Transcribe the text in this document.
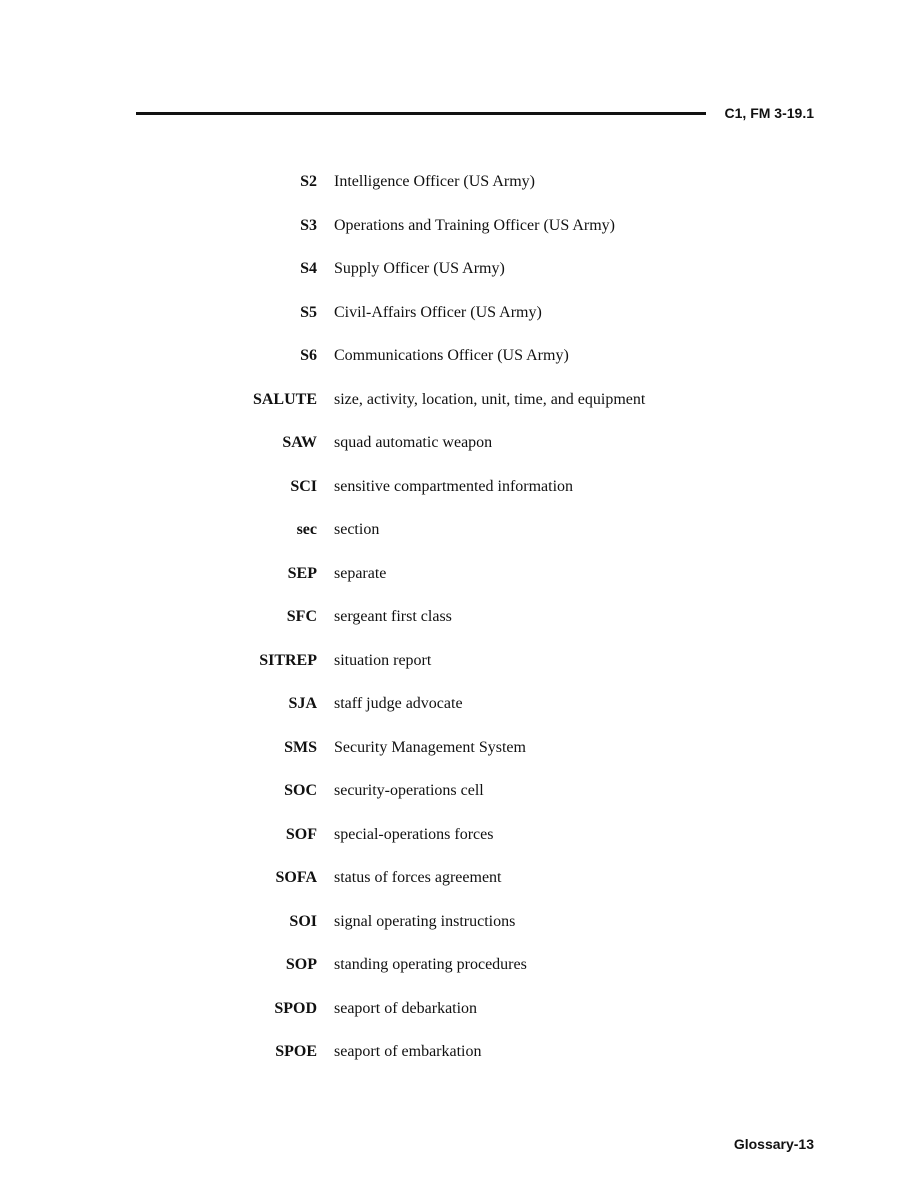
C1, FM 3-19.1
S2 Intelligence Officer (US Army)
S3 Operations and Training Officer (US Army)
S4 Supply Officer (US Army)
S5 Civil-Affairs Officer (US Army)
S6 Communications Officer (US Army)
SALUTE size, activity, location, unit, time, and equipment
SAW squad automatic weapon
SCI sensitive compartmented information
sec section
SEP separate
SFC sergeant first class
SITREP situation report
SJA staff judge advocate
SMS Security Management System
SOC security-operations cell
SOF special-operations forces
SOFA status of forces agreement
SOI signal operating instructions
SOP standing operating procedures
SPOD seaport of debarkation
SPOE seaport of embarkation
Glossary-13
